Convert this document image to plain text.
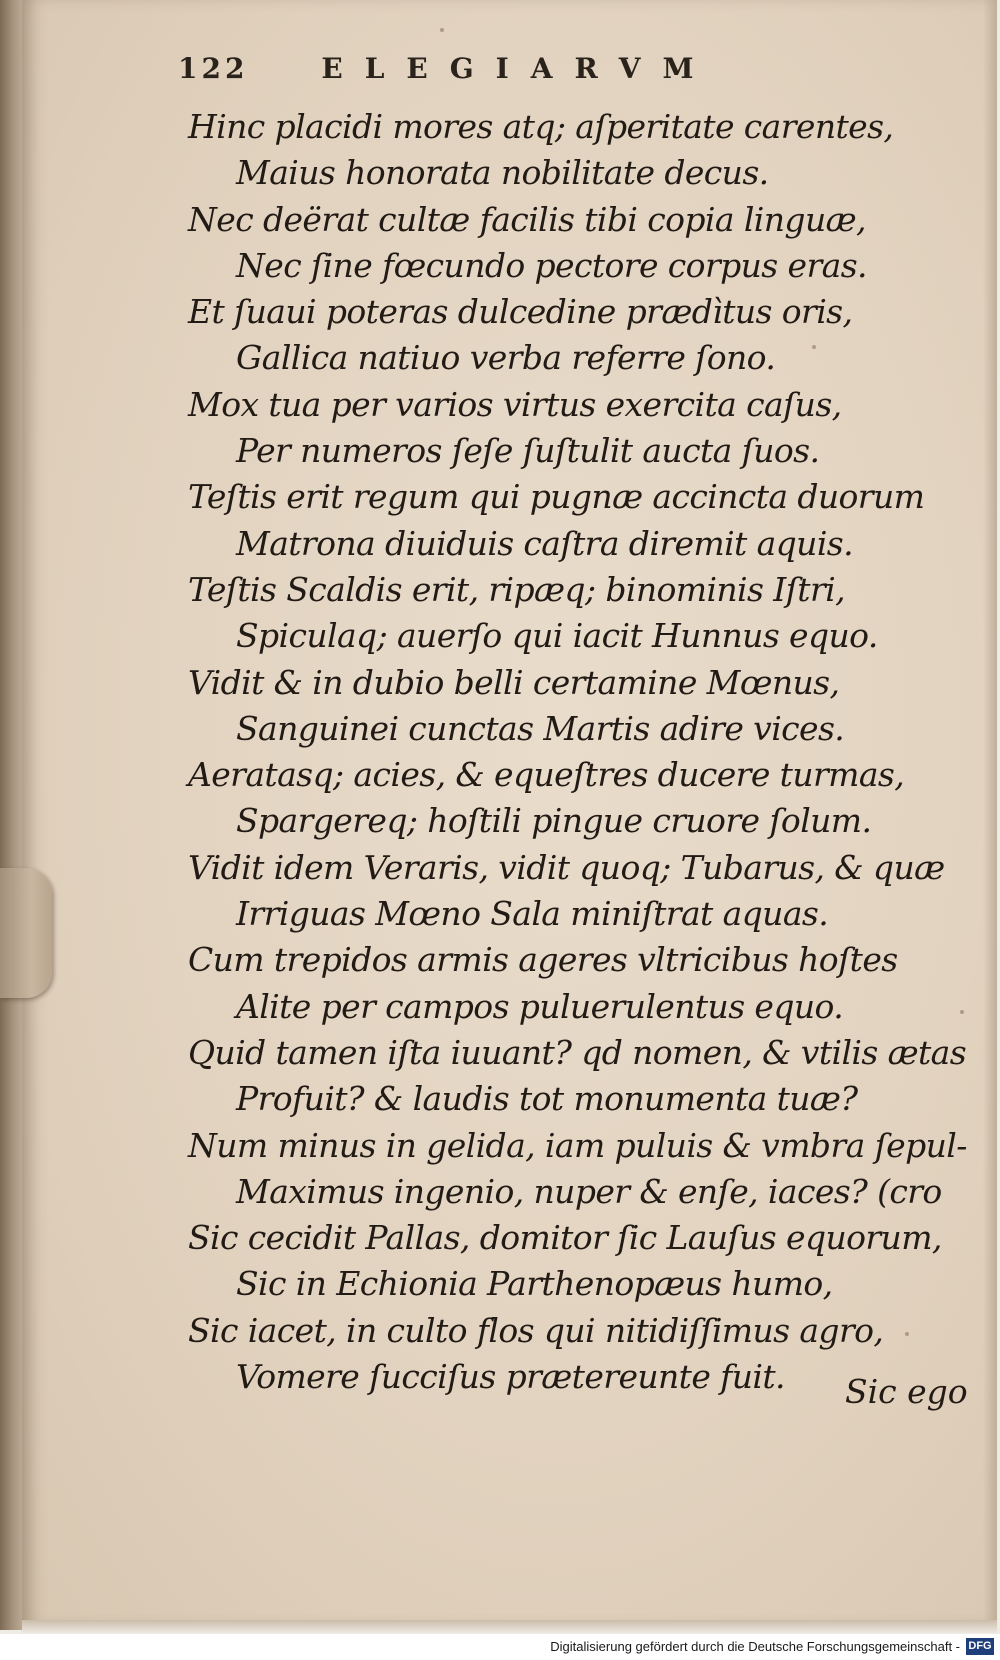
122	ELEGIARVM
Hinc placidi mores atq; aſperitate carentes,
Maius honorata nobilitate decus.
Nec deërat cultæ facilis tibi copia linguæ,
Nec ſine fœcundo pectore corpus eras.
Et ſuaui poteras dulcedine prædìtus oris,
Gallica natiuo verba referre ſono.
Mox tua per varios virtus exercita caſus,
Per numeros ſeſe ſuſtulit aucta ſuos.
Teſtis erit regum qui pugnæ accincta duorum
Matrona diuiduis caſtra diremit aquis.
Teſtis Scaldis erit, ripæq; binominis Iſtri,
Spiculaq; auerſo qui iacit Hunnus equo.
Vidit & in dubio belli certamine Mœnus,
Sanguinei cunctas Martis adire vices.
Aeratasq; acies, & equeſtres ducere turmas,
Spargereq; hoſtili pingue cruore ſolum.
Vidit idem Veraris, vidit quoq; Tubarus, & quæ
Irriguas Mœno Sala miniſtrat aquas.
Cum trepidos armis ageres vltricibus hoſtes
Alite per campos puluerulentus equo.
Quid tamen iſta iuuant? qd nomen, & vtilis ætas
Profuit? & laudis tot monumenta tuæ?
Num minus in gelida, iam puluis & vmbra ſepul-
Maximus ingenio, nuper & enſe, iaces? (cro
Sic cecidit Pallas, domitor ſic Lauſus equorum,
Sic in Echionia Parthenopæus humo,
Sic iacet, in culto flos qui nitidiſſimus agro,
Vomere ſucciſus prætereunte fuit.	Sic ego
Digitalisierung gefördert durch die Deutsche Forschungsgemeinschaft - DFG
